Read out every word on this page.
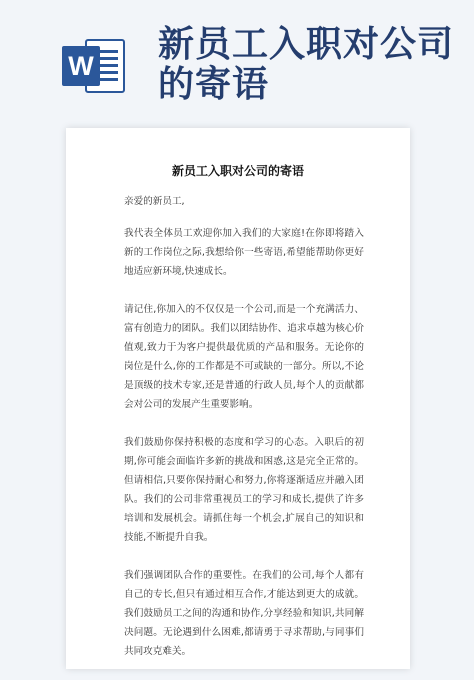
W
新员工入职对公司的寄语
新员工入职对公司的寄语

亲爱的新员工,

我代表全体员工欢迎你加入我们的大家庭!在你即将踏入新的工作岗位之际,我想给你一些寄语,希望能帮助你更好地适应新环境,快速成长。

请记住,你加入的不仅仅是一个公司,而是一个充满活力、富有创造力的团队。我们以团结协作、追求卓越为核心价值观,致力于为客户提供最优质的产品和服务。无论你的岗位是什么,你的工作都是不可或缺的一部分。所以,不论是顶级的技术专家,还是普通的行政人员,每个人的贡献都会对公司的发展产生重要影响。

我们鼓励你保持积极的态度和学习的心态。入职后的初期,你可能会面临许多新的挑战和困惑,这是完全正常的。但请相信,只要你保持耐心和努力,你将逐渐适应并融入团队。我们的公司非常重视员工的学习和成长,提供了许多培训和发展机会。请抓住每一个机会,扩展自己的知识和技能,不断提升自我。

我们强调团队合作的重要性。在我们的公司,每个人都有自己的专长,但只有通过相互合作,才能达到更大的成就。我们鼓励员工之间的沟通和协作,分享经验和知识,共同解决问题。无论遇到什么困难,都请勇于寻求帮助,与同事们共同攻克难关。
